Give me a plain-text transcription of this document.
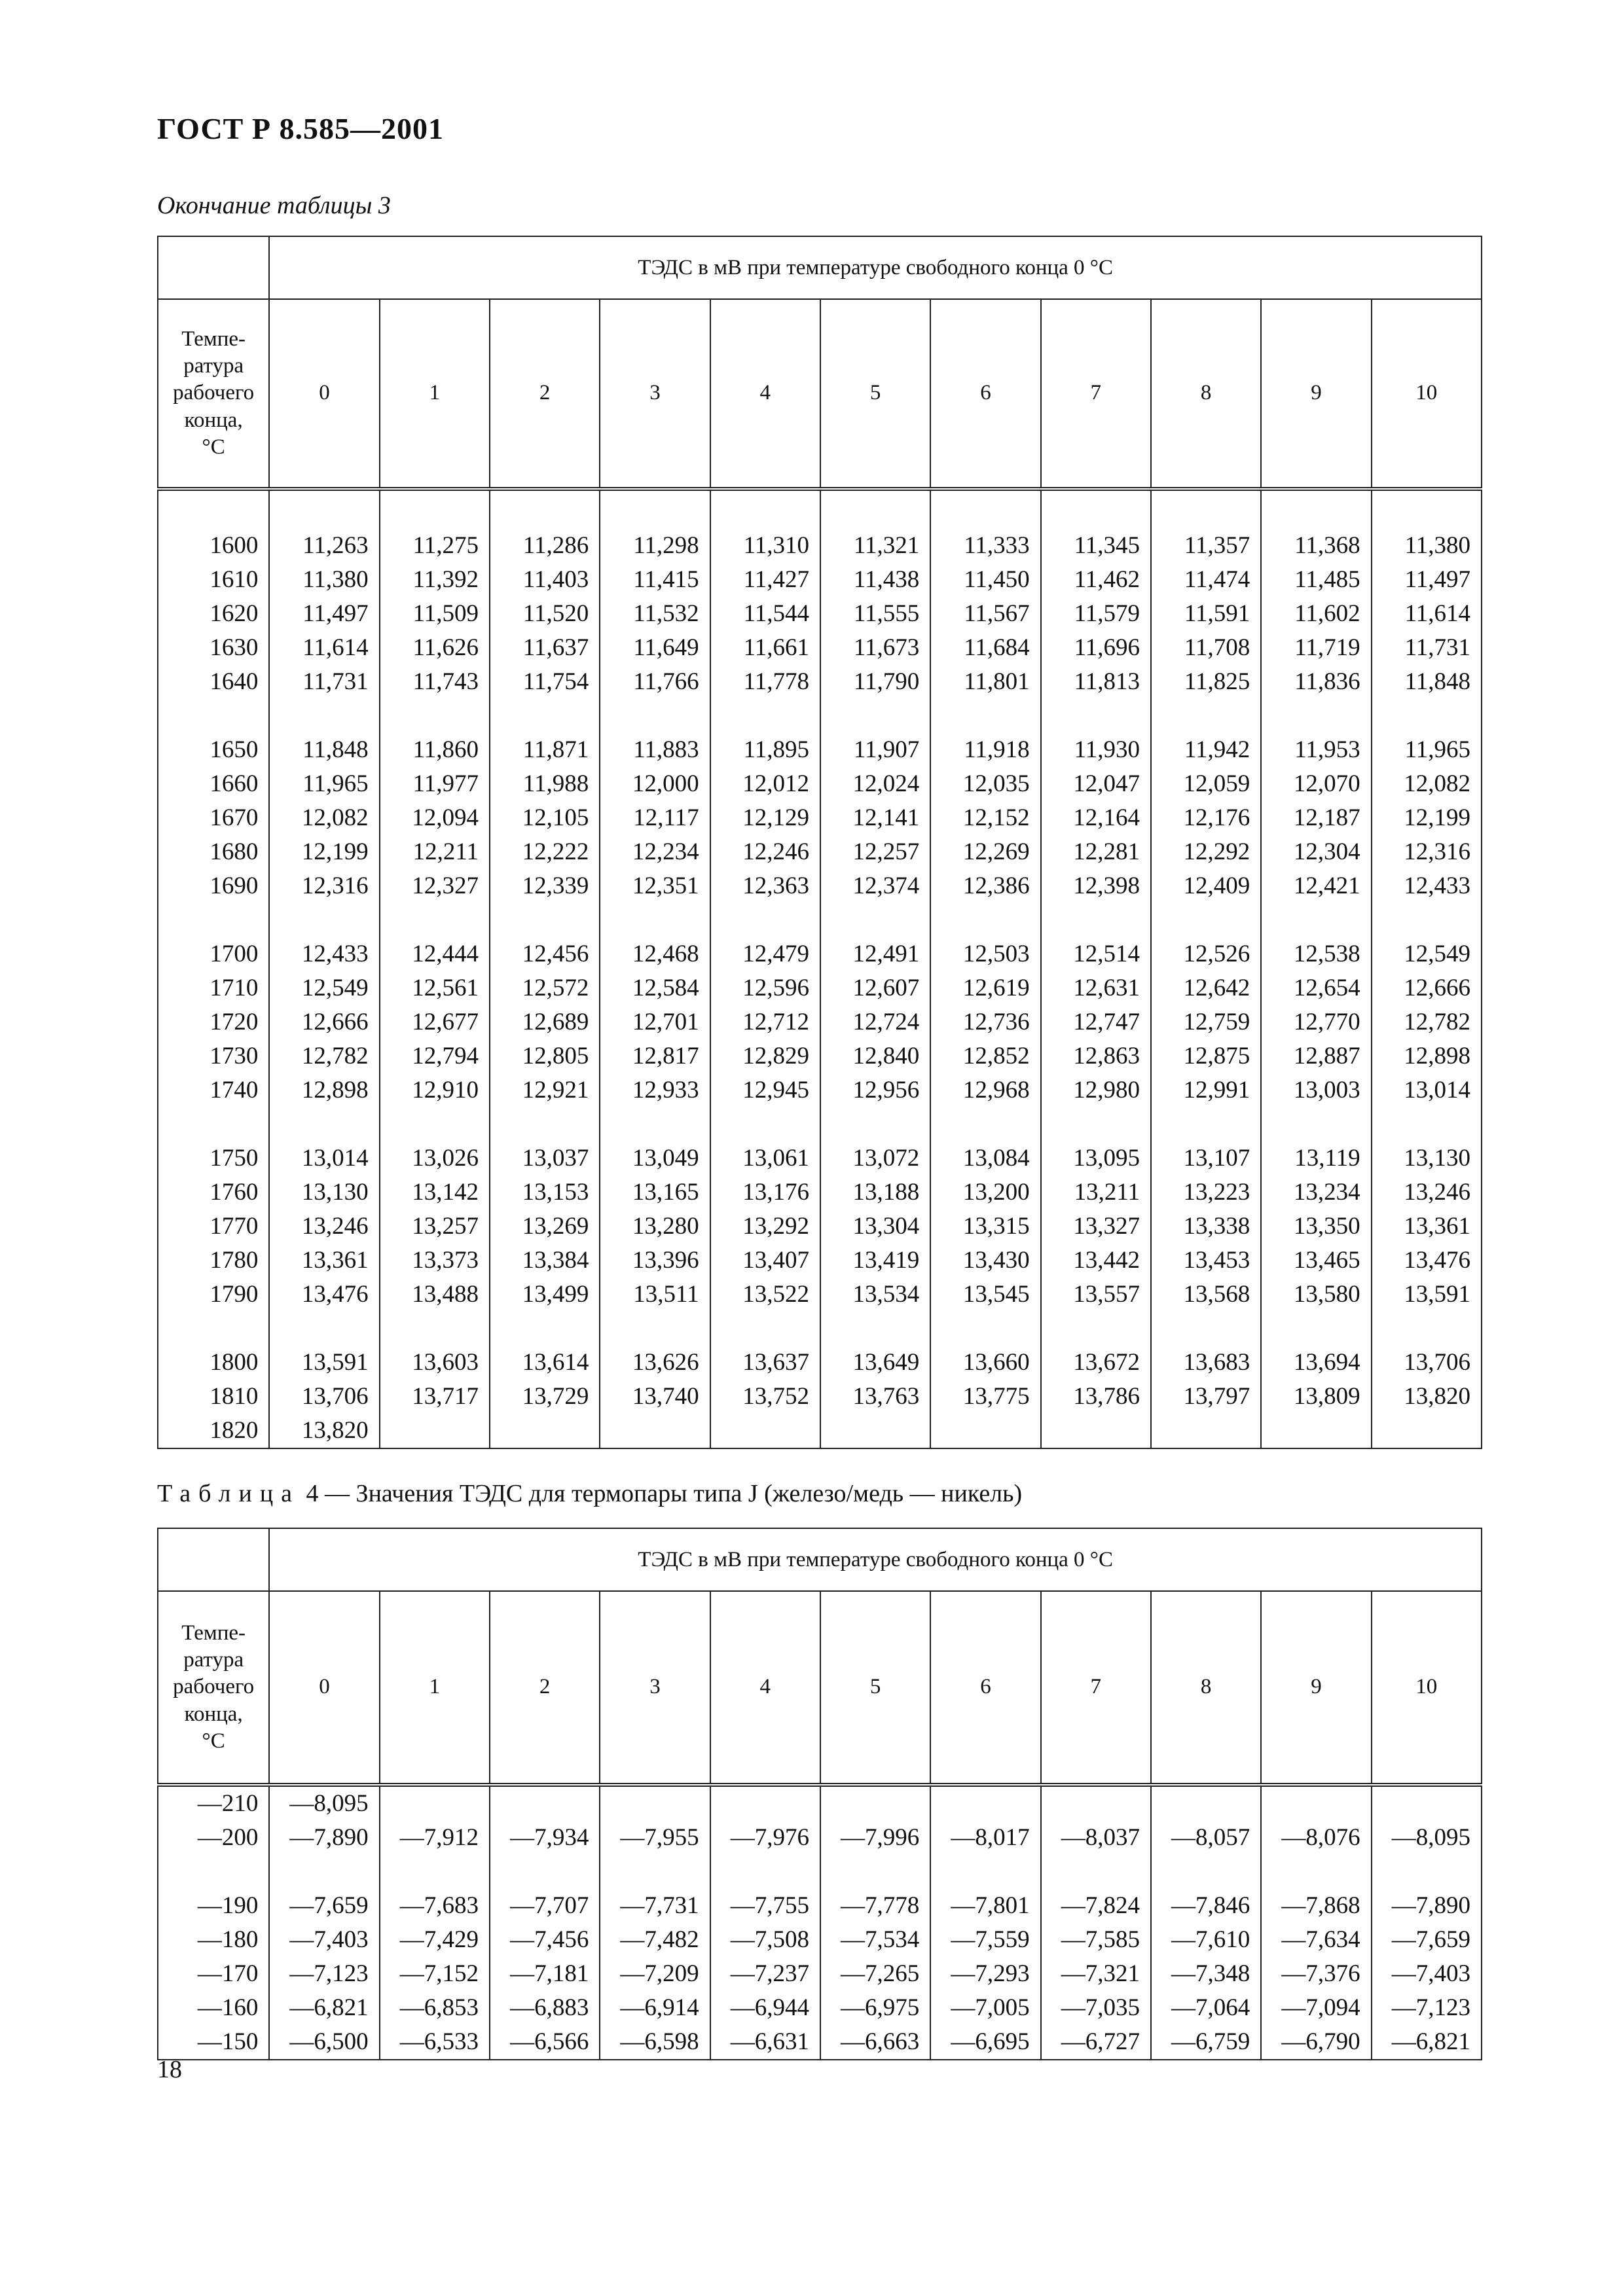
ГОСТ Р 8.585—2001
Окончание таблицы 3
	ТЭДС в мВ при температуре свободного конца 0 °С										
Темпе-
ратура
рабочего
конца,
°С	0	1	2	3	4	5	6	7	8	9	10

1600	11,263	11,275	11,286	11,298	11,310	11,321	11,333	11,345	11,357	11,368	11,380
1610	11,380	11,392	11,403	11,415	11,427	11,438	11,450	11,462	11,474	11,485	11,497
1620	11,497	11,509	11,520	11,532	11,544	11,555	11,567	11,579	11,591	11,602	11,614
1630	11,614	11,626	11,637	11,649	11,661	11,673	11,684	11,696	11,708	11,719	11,731
1640	11,731	11,743	11,754	11,766	11,778	11,790	11,801	11,813	11,825	11,836	11,848

1650	11,848	11,860	11,871	11,883	11,895	11,907	11,918	11,930	11,942	11,953	11,965
1660	11,965	11,977	11,988	12,000	12,012	12,024	12,035	12,047	12,059	12,070	12,082
1670	12,082	12,094	12,105	12,117	12,129	12,141	12,152	12,164	12,176	12,187	12,199
1680	12,199	12,211	12,222	12,234	12,246	12,257	12,269	12,281	12,292	12,304	12,316
1690	12,316	12,327	12,339	12,351	12,363	12,374	12,386	12,398	12,409	12,421	12,433

1700	12,433	12,444	12,456	12,468	12,479	12,491	12,503	12,514	12,526	12,538	12,549
1710	12,549	12,561	12,572	12,584	12,596	12,607	12,619	12,631	12,642	12,654	12,666
1720	12,666	12,677	12,689	12,701	12,712	12,724	12,736	12,747	12,759	12,770	12,782
1730	12,782	12,794	12,805	12,817	12,829	12,840	12,852	12,863	12,875	12,887	12,898
1740	12,898	12,910	12,921	12,933	12,945	12,956	12,968	12,980	12,991	13,003	13,014

1750	13,014	13,026	13,037	13,049	13,061	13,072	13,084	13,095	13,107	13,119	13,130
1760	13,130	13,142	13,153	13,165	13,176	13,188	13,200	13,211	13,223	13,234	13,246
1770	13,246	13,257	13,269	13,280	13,292	13,304	13,315	13,327	13,338	13,350	13,361
1780	13,361	13,373	13,384	13,396	13,407	13,419	13,430	13,442	13,453	13,465	13,476
1790	13,476	13,488	13,499	13,511	13,522	13,534	13,545	13,557	13,568	13,580	13,591

1800	13,591	13,603	13,614	13,626	13,637	13,649	13,660	13,672	13,683	13,694	13,706
1810	13,706	13,717	13,729	13,740	13,752	13,763	13,775	13,786	13,797	13,809	13,820
1820	13,820										
Таблица 4 — Значения ТЭДС для термопары типа J (железо/медь — никель)
	ТЭДС в мВ при температуре свободного конца 0 °С										
Темпе-
ратура
рабочего
конца,
°С	0	1	2	3	4	5	6	7	8	9	10
—210	—8,095										
—200	—7,890	—7,912	—7,934	—7,955	—7,976	—7,996	—8,017	—8,037	—8,057	—8,076	—8,095

—190	—7,659	—7,683	—7,707	—7,731	—7,755	—7,778	—7,801	—7,824	—7,846	—7,868	—7,890
—180	—7,403	—7,429	—7,456	—7,482	—7,508	—7,534	—7,559	—7,585	—7,610	—7,634	—7,659
—170	—7,123	—7,152	—7,181	—7,209	—7,237	—7,265	—7,293	—7,321	—7,348	—7,376	—7,403
—160	—6,821	—6,853	—6,883	—6,914	—6,944	—6,975	—7,005	—7,035	—7,064	—7,094	—7,123
—150	—6,500	—6,533	—6,566	—6,598	—6,631	—6,663	—6,695	—6,727	—6,759	—6,790	—6,821
18
